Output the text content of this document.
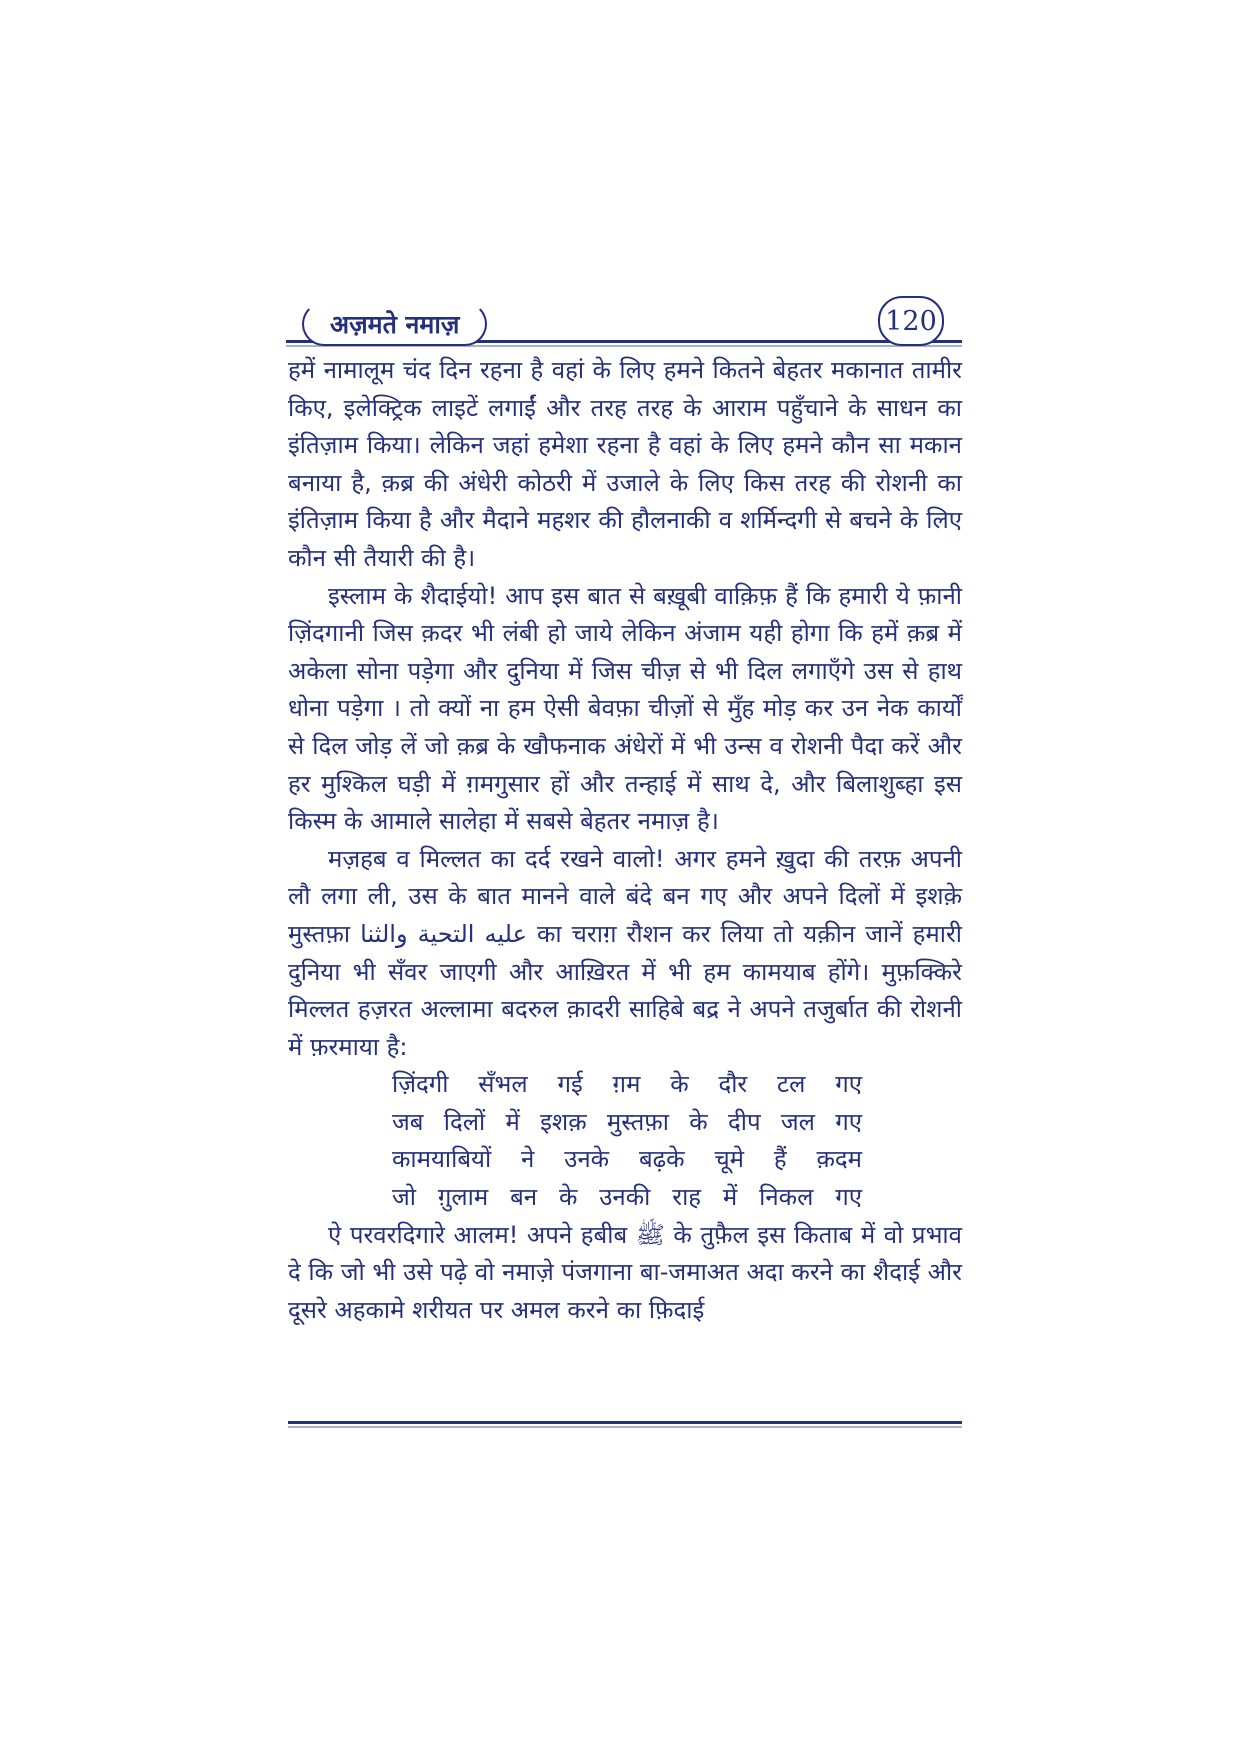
अज़मते नमाज़	120

हमें नामालूम चंद दिन रहना है वहां के लिए हमने कितने बेहतर मकानात तामीर किए, इलेक्ट्रिक लाइटें लगाईं और तरह तरह के आराम पहुँचाने के साधन का इंतिज़ाम किया। लेकिन जहां हमेशा रहना है वहां के लिए हमने कौन सा मकान बनाया है, क़ब्र की अंधेरी कोठरी में उजाले के लिए किस तरह की रोशनी का इंतिज़ाम किया है और मैदाने महशर की हौलनाकी व शर्मिन्दगी से बचने के लिए कौन सी तैयारी की है।

इस्लाम के शैदाईयो! आप इस बात से बख़ूबी वाक़िफ़ हैं कि हमारी ये फ़ानी ज़िंदगानी जिस क़दर भी लंबी हो जाये लेकिन अंजाम यही होगा कि हमें क़ब्र में अकेला सोना पड़ेगा और दुनिया में जिस चीज़ से भी दिल लगाएँगे उस से हाथ धोना पड़ेगा । तो क्यों ना हम ऐसी बेवफ़ा चीज़ों से मुँह मोड़ कर उन नेक कार्यों से दिल जोड़ लें जो क़ब्र के खौफनाक अंधेरों में भी उन्स व रोशनी पैदा करें और हर मुश्किल घड़ी में ग़मगुसार हों और तन्हाई में साथ दे, और बिलाशुब्हा इस किस्म के आमाले सालेहा में सबसे बेहतर नमाज़ है।

मज़हब व मिल्लत का दर्द रखने वालो! अगर हमने ख़ुदा की तरफ़ अपनी लौ लगा ली, उस के बात मानने वाले बंदे बन गए और अपने दिलों में इशक़े मुस्तफ़ा عليه التحية والثنا का चराग़ रौशन कर लिया तो यक़ीन जानें हमारी दुनिया भी सँवर जाएगी और आख़िरत में भी हम कामयाब होंगे। मुफ़क्किरे मिल्लत हज़रत अल्लामा बदरुल क़ादरी साहिबे बद्र ने अपने तजुर्बात की रोशनी में फ़रमाया है:

ज़िंदगी सँभल गई ग़म के दौर टल गए
जब दिलों में इशक़ मुस्तफ़ा के दीप जल गए
कामयाबियों ने उनके बढ़के चूमे हैं क़दम
जो ग़ुलाम बन के उनकी राह में निकल गए

ऐ परवरदिगारे आलम! अपने हबीब ﷺ के तुफ़ैल इस किताब में वो प्रभाव दे कि जो भी उसे पढ़े वो नमाज़े पंजगाना बा-जमाअत अदा करने का शैदाई और दूसरे अहकामे शरीयत पर अमल करने का फ़िदाई
